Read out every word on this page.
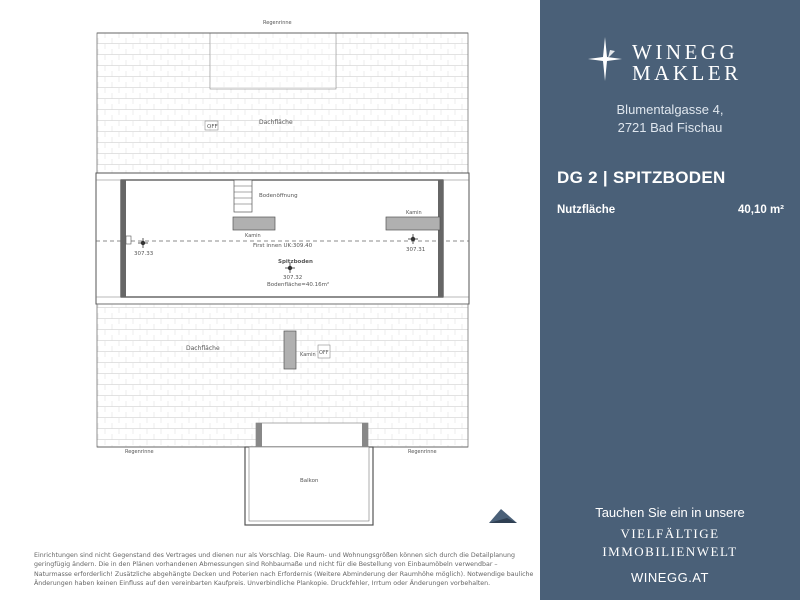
Regenrinne
Dachfläche
OFF
Bodenöffnung
Kamin
Kamin
First innen UK:309.40
Spitzboden
Bodenfläche=40.16m²
307.33
307.32
307.31
Dachfläche
Kamin OFF
Regenrinne	Regenrinne
Balkon
Einrichtungen sind nicht Gegenstand des Vertrages und dienen nur als Vorschlag. Die Raum- und Wohnungsgrößen können sich durch die Detailplanung geringfügig ändern. Die in den Plänen vorhandenen Abmessungen sind Rohbaumaße und nicht für die Bestellung von Einbaumöbeln verwendbar – Naturmasse erforderlich! Zusätzliche abgehängte Decken und Poterien nach Erfordernis (Weitere Abminderung der Raumhöhe möglich). Notwendige bauliche Änderungen haben keinen Einfluss auf den vereinbarten Kaufpreis. Unverbindliche Plankopie. Druckfehler, Irrtum oder Änderungen vorbehalten.
WINEGG
MAKLER
Blumentalgasse 4,
2721 Bad Fischau
DG 2 | SPITZBODEN
Nutzfläche	40,10 m²
Tauchen Sie ein in unsere
VIELFÄLTIGE
IMMOBILIENWELT
WINEGG.AT
